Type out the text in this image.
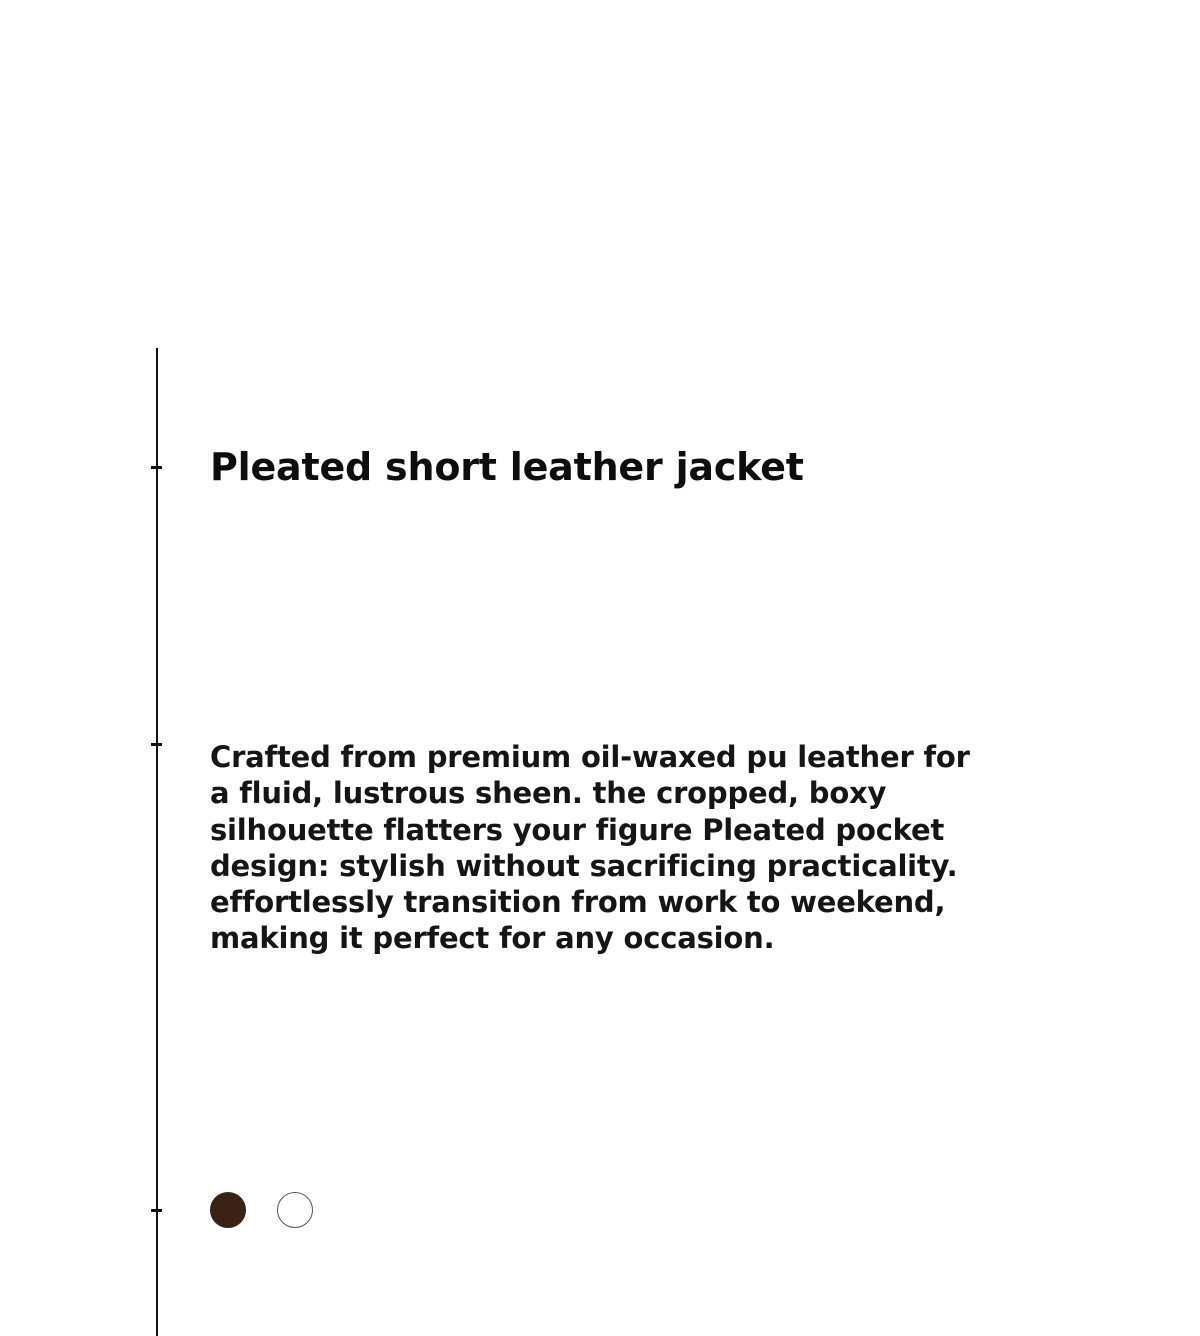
Pleated short leather jacket

Crafted from premium oil-waxed pu leather for a fluid, lustrous sheen. the cropped, boxy silhouette flatters your figure Pleated pocket design: stylish without sacrificing practicality. effortlessly transition from work to weekend, making it perfect for any occasion.
